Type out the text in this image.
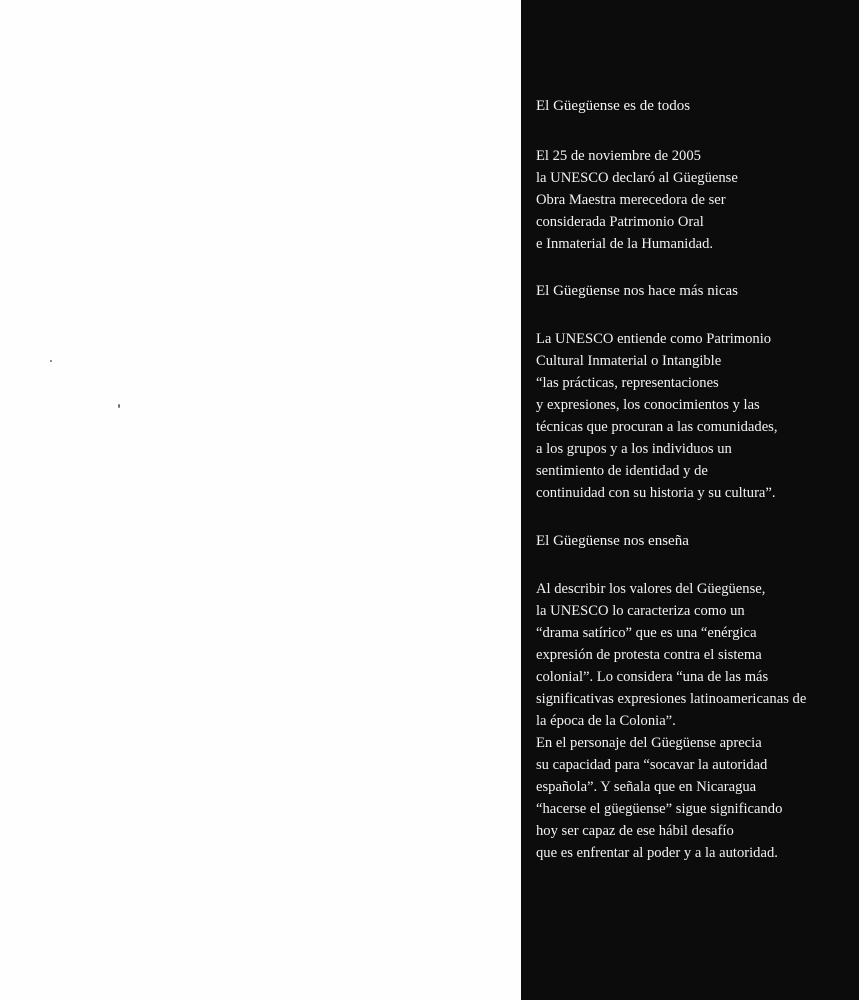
El Güegüense es de todos
El 25 de noviembre de 2005
la UNESCO declaró al Güegüense
Obra Maestra merecedora de ser
considerada Patrimonio Oral
e Inmaterial de la Humanidad.
El Güegüense nos hace más nicas
La UNESCO entiende como Patrimonio
Cultural Inmaterial o Intangible
“las prácticas, representaciones
y expresiones, los conocimientos y las
técnicas que procuran a las comunidades,
a los grupos y a los individuos un
sentimiento de identidad y de
continuidad con su historia y su cultura”.
El Güegüense nos enseña
Al describir los valores del Güegüense,
la UNESCO lo caracteriza como un
“drama satírico” que es una “enérgica
expresión de protesta contra el sistema
colonial”. Lo considera “una de las más
significativas expresiones latinoamericanas de
la época de la Colonia”.
En el personaje del Güegüense aprecia
su capacidad para “socavar la autoridad
española”. Y señala que en Nicaragua
“hacerse el güegüense” sigue significando
hoy ser capaz de ese hábil desafío
que es enfrentar al poder y a la autoridad.
